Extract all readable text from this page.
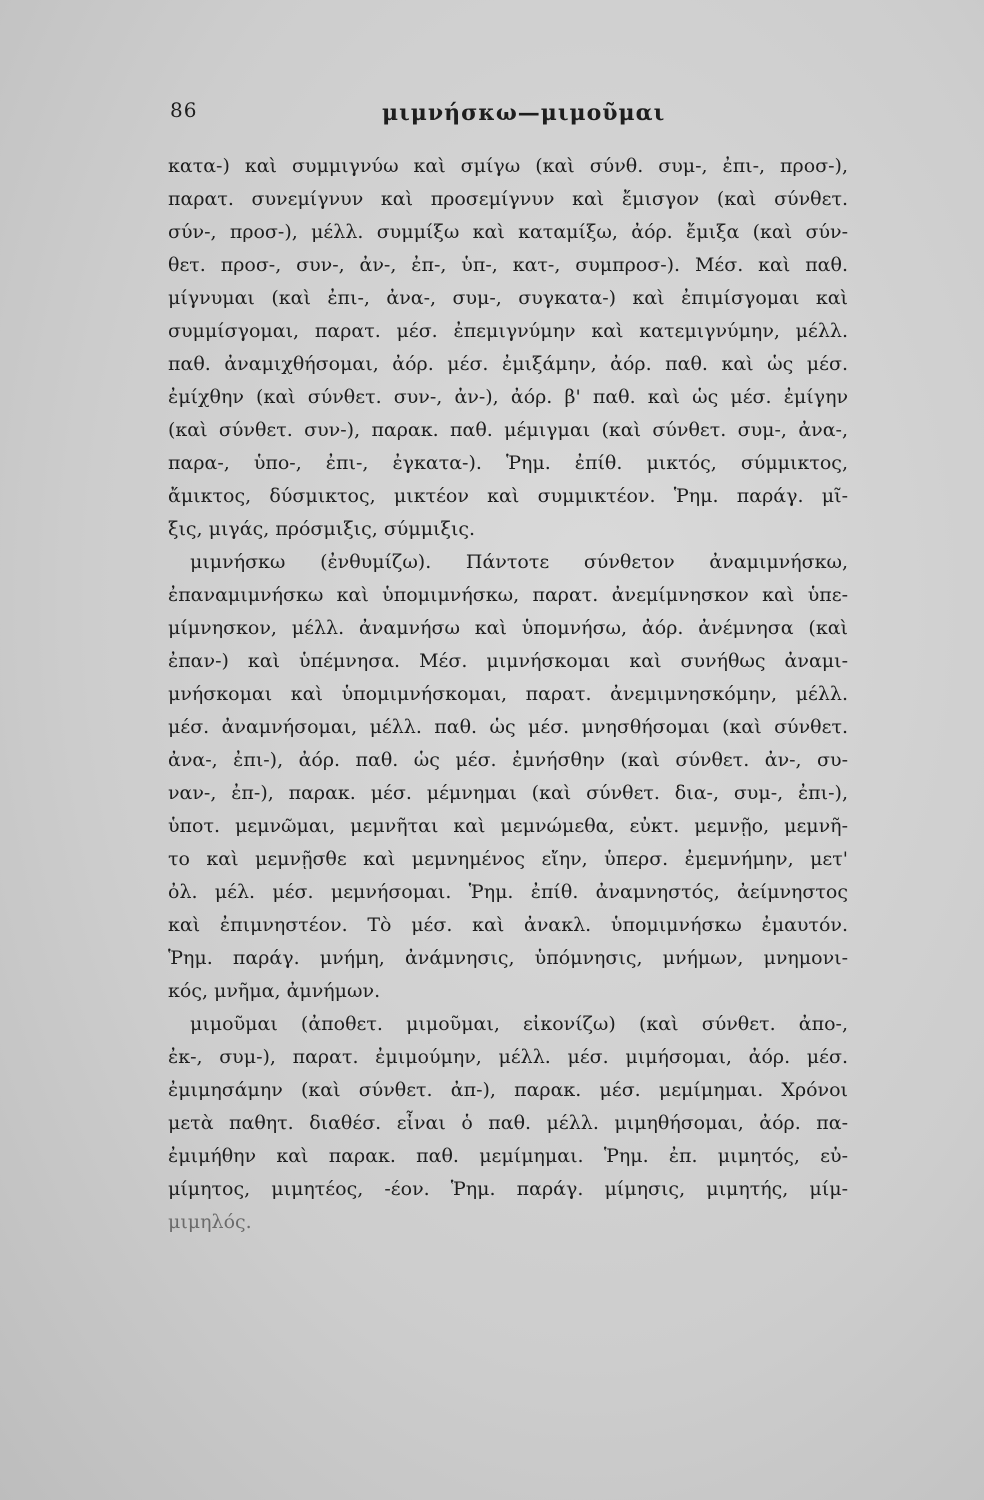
86	μιμνήσκω—μιμοῦμαι
κατα-) καὶ συμμιγνύω καὶ σμίγω (καὶ σύνθ. συμ-, ἐπι-, προσ-),
παρατ. συνεμίγνυν καὶ προσεμίγνυν καὶ ἔμισγον (καὶ σύνθετ.
σύν-, προσ-), μέλλ. συμμίξω καὶ καταμίξω, ἀόρ. ἔμιξα (καὶ σύν-
θετ. προσ-, συν-, ἀν-, ἐπ-, ὑπ-, κατ-, συμπροσ-). Μέσ. καὶ παθ.
μίγνυμαι (καὶ ἐπι-, ἀνα-, συμ-, συγκατα-) καὶ ἐπιμίσγομαι καὶ
συμμίσγομαι, παρατ. μέσ. ἐπεμιγνύμην καὶ κατεμιγνύμην, μέλλ.
παθ. ἀναμιχθήσομαι, ἀόρ. μέσ. ἐμιξάμην, ἀόρ. παθ. καὶ ὡς μέσ.
ἐμίχθην (καὶ σύνθετ. συν-, ἀν-), ἀόρ. β' παθ. καὶ ὡς μέσ. ἐμίγην
(καὶ σύνθετ. συν-), παρακ. παθ. μέμιγμαι (καὶ σύνθετ. συμ-, ἀνα-,
παρα-, ὑπο-, ἐπι-, ἐγκατα-). Ῥημ. ἐπίθ. μικτός, σύμμικτος,
ἄμικτος, δύσμικτος, μικτέον καὶ συμμικτέον. Ῥημ. παράγ. μῖ-
ξις, μιγάς, πρόσμιξις, σύμμιξις.
μιμνήσκω (ἐνθυμίζω). Πάντοτε σύνθετον ἀναμιμνήσκω,
ἐπαναμιμνήσκω καὶ ὑπομιμνήσκω, παρατ. ἀνεμίμνησκον καὶ ὑπε-
μίμνησκον, μέλλ. ἀναμνήσω καὶ ὑπομνήσω, ἀόρ. ἀνέμνησα (καὶ
ἐπαν-) καὶ ὑπέμνησα. Μέσ. μιμνήσκομαι καὶ συνήθως ἀναμι-
μνήσκομαι καὶ ὑπομιμνήσκομαι, παρατ. ἀνεμιμνησκόμην, μέλλ.
μέσ. ἀναμνήσομαι, μέλλ. παθ. ὡς μέσ. μνησθήσομαι (καὶ σύνθετ.
ἀνα-, ἐπι-), ἀόρ. παθ. ὡς μέσ. ἐμνήσθην (καὶ σύνθετ. ἀν-, συ-
ναν-, ἐπ-), παρακ. μέσ. μέμνημαι (καὶ σύνθετ. δια-, συμ-, ἐπι-),
ὑποτ. μεμνῶμαι, μεμνῆται καὶ μεμνώμεθα, εὐκτ. μεμνῇο, μεμνῆ-
το καὶ μεμνῇσθε καὶ μεμνημένος εἴην, ὑπερσ. ἐμεμνήμην, μετ'
ὀλ. μέλ. μέσ. μεμνήσομαι. Ῥημ. ἐπίθ. ἀναμνηστός, ἀείμνηστος
καὶ ἐπιμνηστέον. Τὸ μέσ. καὶ ἀνακλ. ὑπομιμνήσκω ἐμαυτόν.
Ῥημ. παράγ. μνήμη, ἀνάμνησις, ὑπόμνησις, μνήμων, μνημονι-
κός, μνῆμα, ἀμνήμων.
μιμοῦμαι (ἀποθετ. μιμοῦμαι, εἰκονίζω) (καὶ σύνθετ. ἀπο-,
ἐκ-, συμ-), παρατ. ἐμιμούμην, μέλλ. μέσ. μιμήσομαι, ἀόρ. μέσ.
ἐμιμησάμην (καὶ σύνθετ. ἀπ-), παρακ. μέσ. μεμίμημαι. Χρόνοι
μετὰ παθητ. διαθέσ. εἶναι ὁ παθ. μέλλ. μιμηθήσομαι, ἀόρ. πα-
ἐμιμήθην καὶ παρακ. παθ. μεμίμημαι. Ῥημ. ἐπ. μιμητός, εὐ-
μίμητος, μιμητέος, -έον. Ῥημ. παράγ. μίμησις, μιμητής, μίμ-
μιμηλός.
